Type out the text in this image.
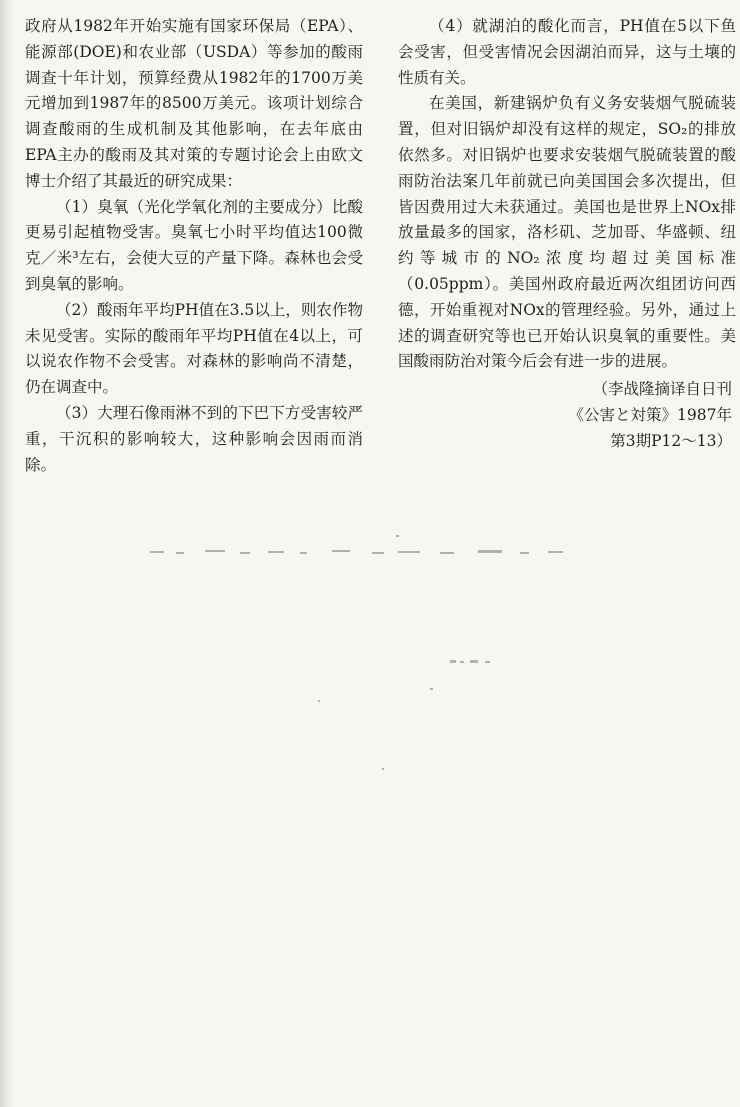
政府从1982年开始实施有国家环保局（EPA）、能源部(DOE)和农业部（USDA）等参加的酸雨调查十年计划，预算经费从1982年的1700万美元增加到1987年的8500万美元。该项计划综合调查酸雨的生成机制及其他影响，在去年底由EPA主办的酸雨及其对策的专题讨论会上由欧文博士介绍了其最近的研究成果：

（1）臭氧（光化学氧化剂的主要成分）比酸更易引起植物受害。臭氧七小时平均值达100微克／米³左右，会使大豆的产量下降。森林也会受到臭氧的影响。

（2）酸雨年平均PH值在3.5以上，则农作物未见受害。实际的酸雨年平均PH值在4以上，可以说农作物不会受害。对森林的影响尚不清楚，仍在调查中。

（3）大理石像雨淋不到的下巴下方受害较严重，干沉积的影响较大，这种影响会因雨而消除。

（4）就湖泊的酸化而言，PH值在5以下鱼会受害，但受害情况会因湖泊而异，这与土壤的性质有关。

在美国，新建锅炉负有义务安装烟气脱硫装置，但对旧锅炉却没有这样的规定，SO₂的排放依然多。对旧锅炉也要求安装烟气脱硫装置的酸雨防治法案几年前就已向美国国会多次提出，但皆因费用过大未获通过。美国也是世界上NOx排放量最多的国家，洛杉矶、芝加哥、华盛顿、纽约等城市的NO₂浓度均超过美国标准（0.05ppm）。美国州政府最近两次组团访问西德，开始重视对NOx的管理经验。另外，通过上述的调查研究等也已开始认识臭氧的重要性。美国酸雨防治对策今后会有进一步的进展。

（李战隆摘译自日刊
《公害と対策》1987年
第3期P12～13）
